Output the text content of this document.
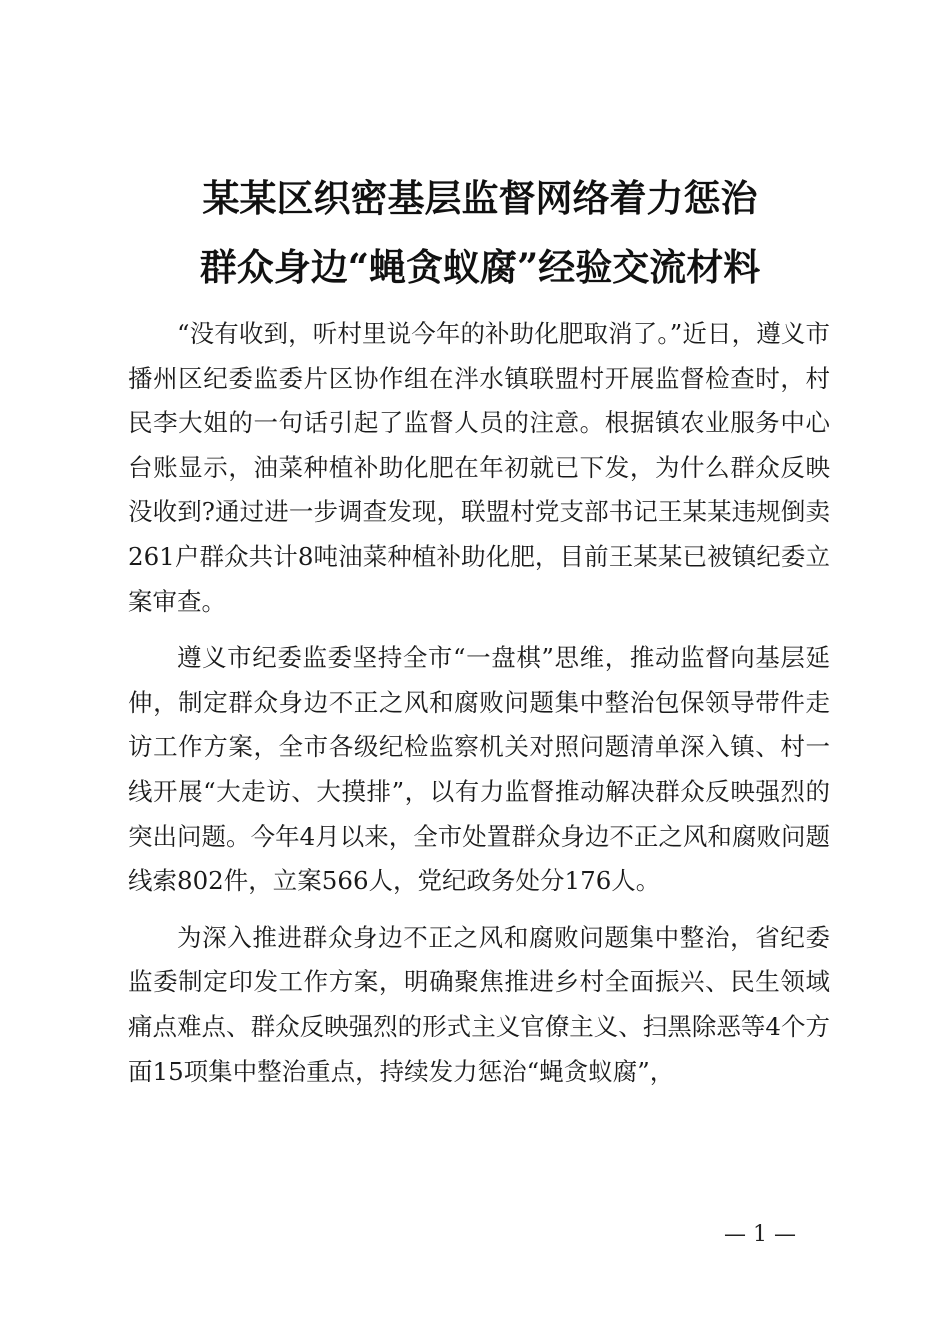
某某区织密基层监督网络着力惩治
群众身边“蝇贪蚁腐”经验交流材料

“没有收到，听村里说今年的补助化肥取消了。”近日，遵义市播州区纪委监委片区协作组在泮水镇联盟村开展监督检查时，村民李大姐的一句话引起了监督人员的注意。根据镇农业服务中心台账显示，油菜种植补助化肥在年初就已下发，为什么群众反映没收到?通过进一步调查发现，联盟村党支部书记王某某违规倒卖261户群众共计8吨油菜种植补助化肥，目前王某某已被镇纪委立案审查。

遵义市纪委监委坚持全市“一盘棋”思维，推动监督向基层延伸，制定群众身边不正之风和腐败问题集中整治包保领导带件走访工作方案，全市各级纪检监察机关对照问题清单深入镇、村一线开展“大走访、大摸排”，以有力监督推动解决群众反映强烈的突出问题。今年4月以来，全市处置群众身边不正之风和腐败问题线索802件，立案566人，党纪政务处分176人。

为深入推进群众身边不正之风和腐败问题集中整治，省纪委监委制定印发工作方案，明确聚焦推进乡村全面振兴、民生领域痛点难点、群众反映强烈的形式主义官僚主义、扫黑除恶等4个方面15项集中整治重点，持续发力惩治“蝇贪蚁腐”，

— 1 —
